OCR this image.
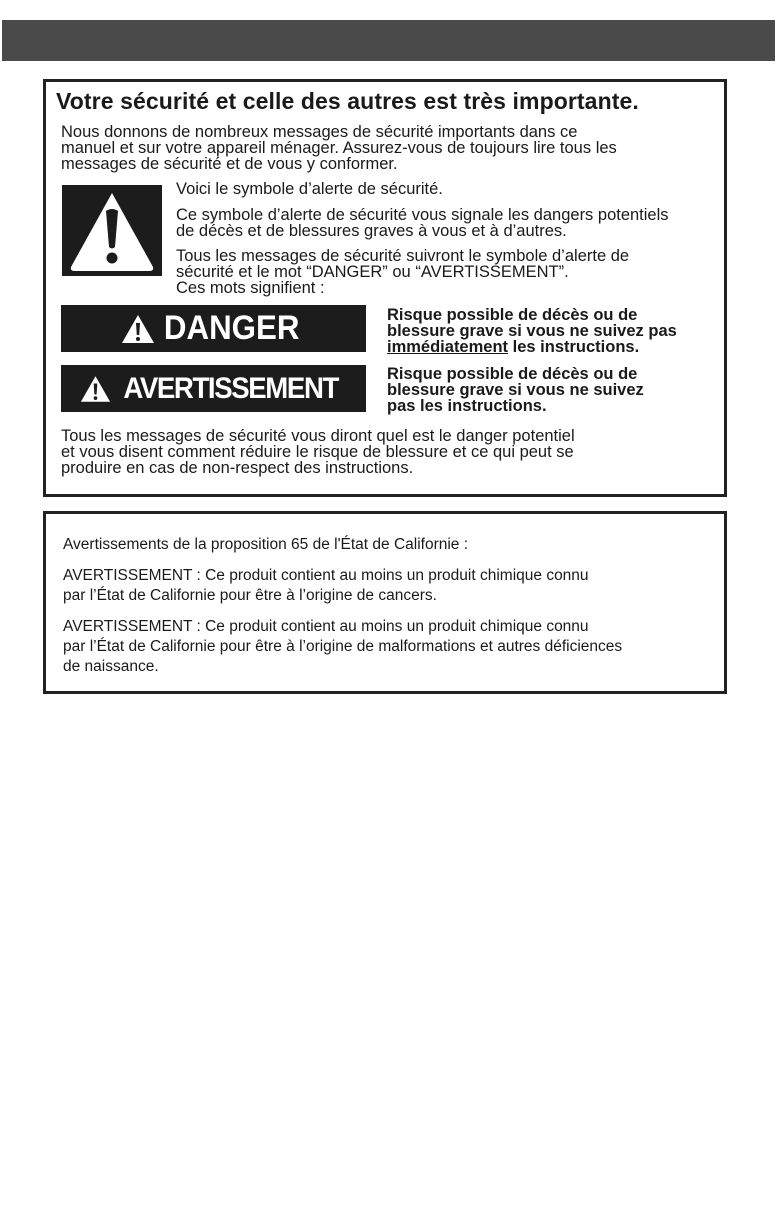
Votre sécurité et celle des autres est très importante.

Nous donnons de nombreux messages de sécurité importants dans ce
manuel et sur votre appareil ménager. Assurez-vous de toujours lire tous les
messages de sécurité et de vous y conformer.

Voici le symbole d’alerte de sécurité.

Ce symbole d’alerte de sécurité vous signale les dangers potentiels
de décès et de blessures graves à vous et à d’autres.

Tous les messages de sécurité suivront le symbole d’alerte de
sécurité et le mot “DANGER” ou “AVERTISSEMENT”.
Ces mots signifient :

DANGER	Risque possible de décès ou de
blessure grave si vous ne suivez pas
immédiatement les instructions.

AVERTISSEMENT	Risque possible de décès ou de
blessure grave si vous ne suivez
pas les instructions.

Tous les messages de sécurité vous diront quel est le danger potentiel
et vous disent comment réduire le risque de blessure et ce qui peut se
produire en cas de non-respect des instructions.

Avertissements de la proposition 65 de l'État de Californie :

AVERTISSEMENT : Ce produit contient au moins un produit chimique connu
par l’État de Californie pour être à l’origine de cancers.

AVERTISSEMENT : Ce produit contient au moins un produit chimique connu
par l’État de Californie pour être à l’origine de malformations et autres déficiences
de naissance.
